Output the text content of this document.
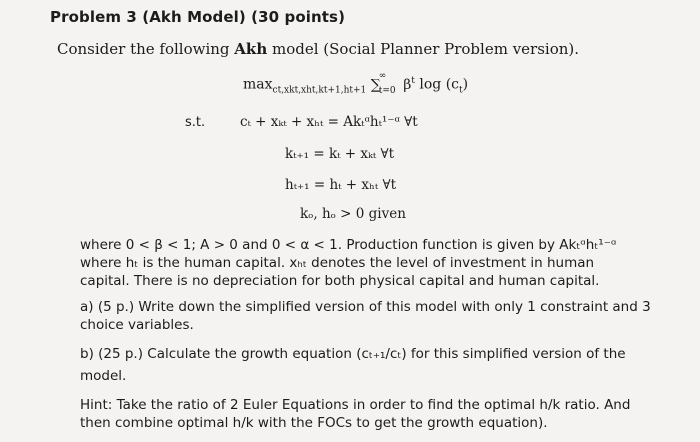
Problem 3 (Akh Model) (30 points)
Consider the following Akh model (Social Planner Problem version).
$\max_{ct,xkt,xht,kt+1,ht+1}$ ∑
∞
t=0 $\beta^t$ $\log (c_t)$
s.t.	cₜ + xₖₜ + xₕₜ = Akₜᵅhₜ¹⁻ᵅ ∀t
kₜ₊₁ = kₜ + xₖₜ ∀t
hₜ₊₁ = hₜ + xₕₜ ∀t
kₒ, hₒ > 0 given
where 0 < β < 1; A > 0 and 0 < α < 1. Production function is given by Akₜᵅhₜ¹⁻ᵅ
where hₜ is the human capital. xₕₜ denotes the level of investment in human
capital. There is no depreciation for both physical capital and human capital.
a) (5 p.) Write down the simplified version of this model with only 1 constraint and 3
choice variables.
b) (25 p.) Calculate the growth equation (cₜ₊₁/cₜ) for this simplified version of the
model.
Hint: Take the ratio of 2 Euler Equations in order to find the optimal h/k ratio. And
then combine optimal h/k with the FOCs to get the growth equation).
